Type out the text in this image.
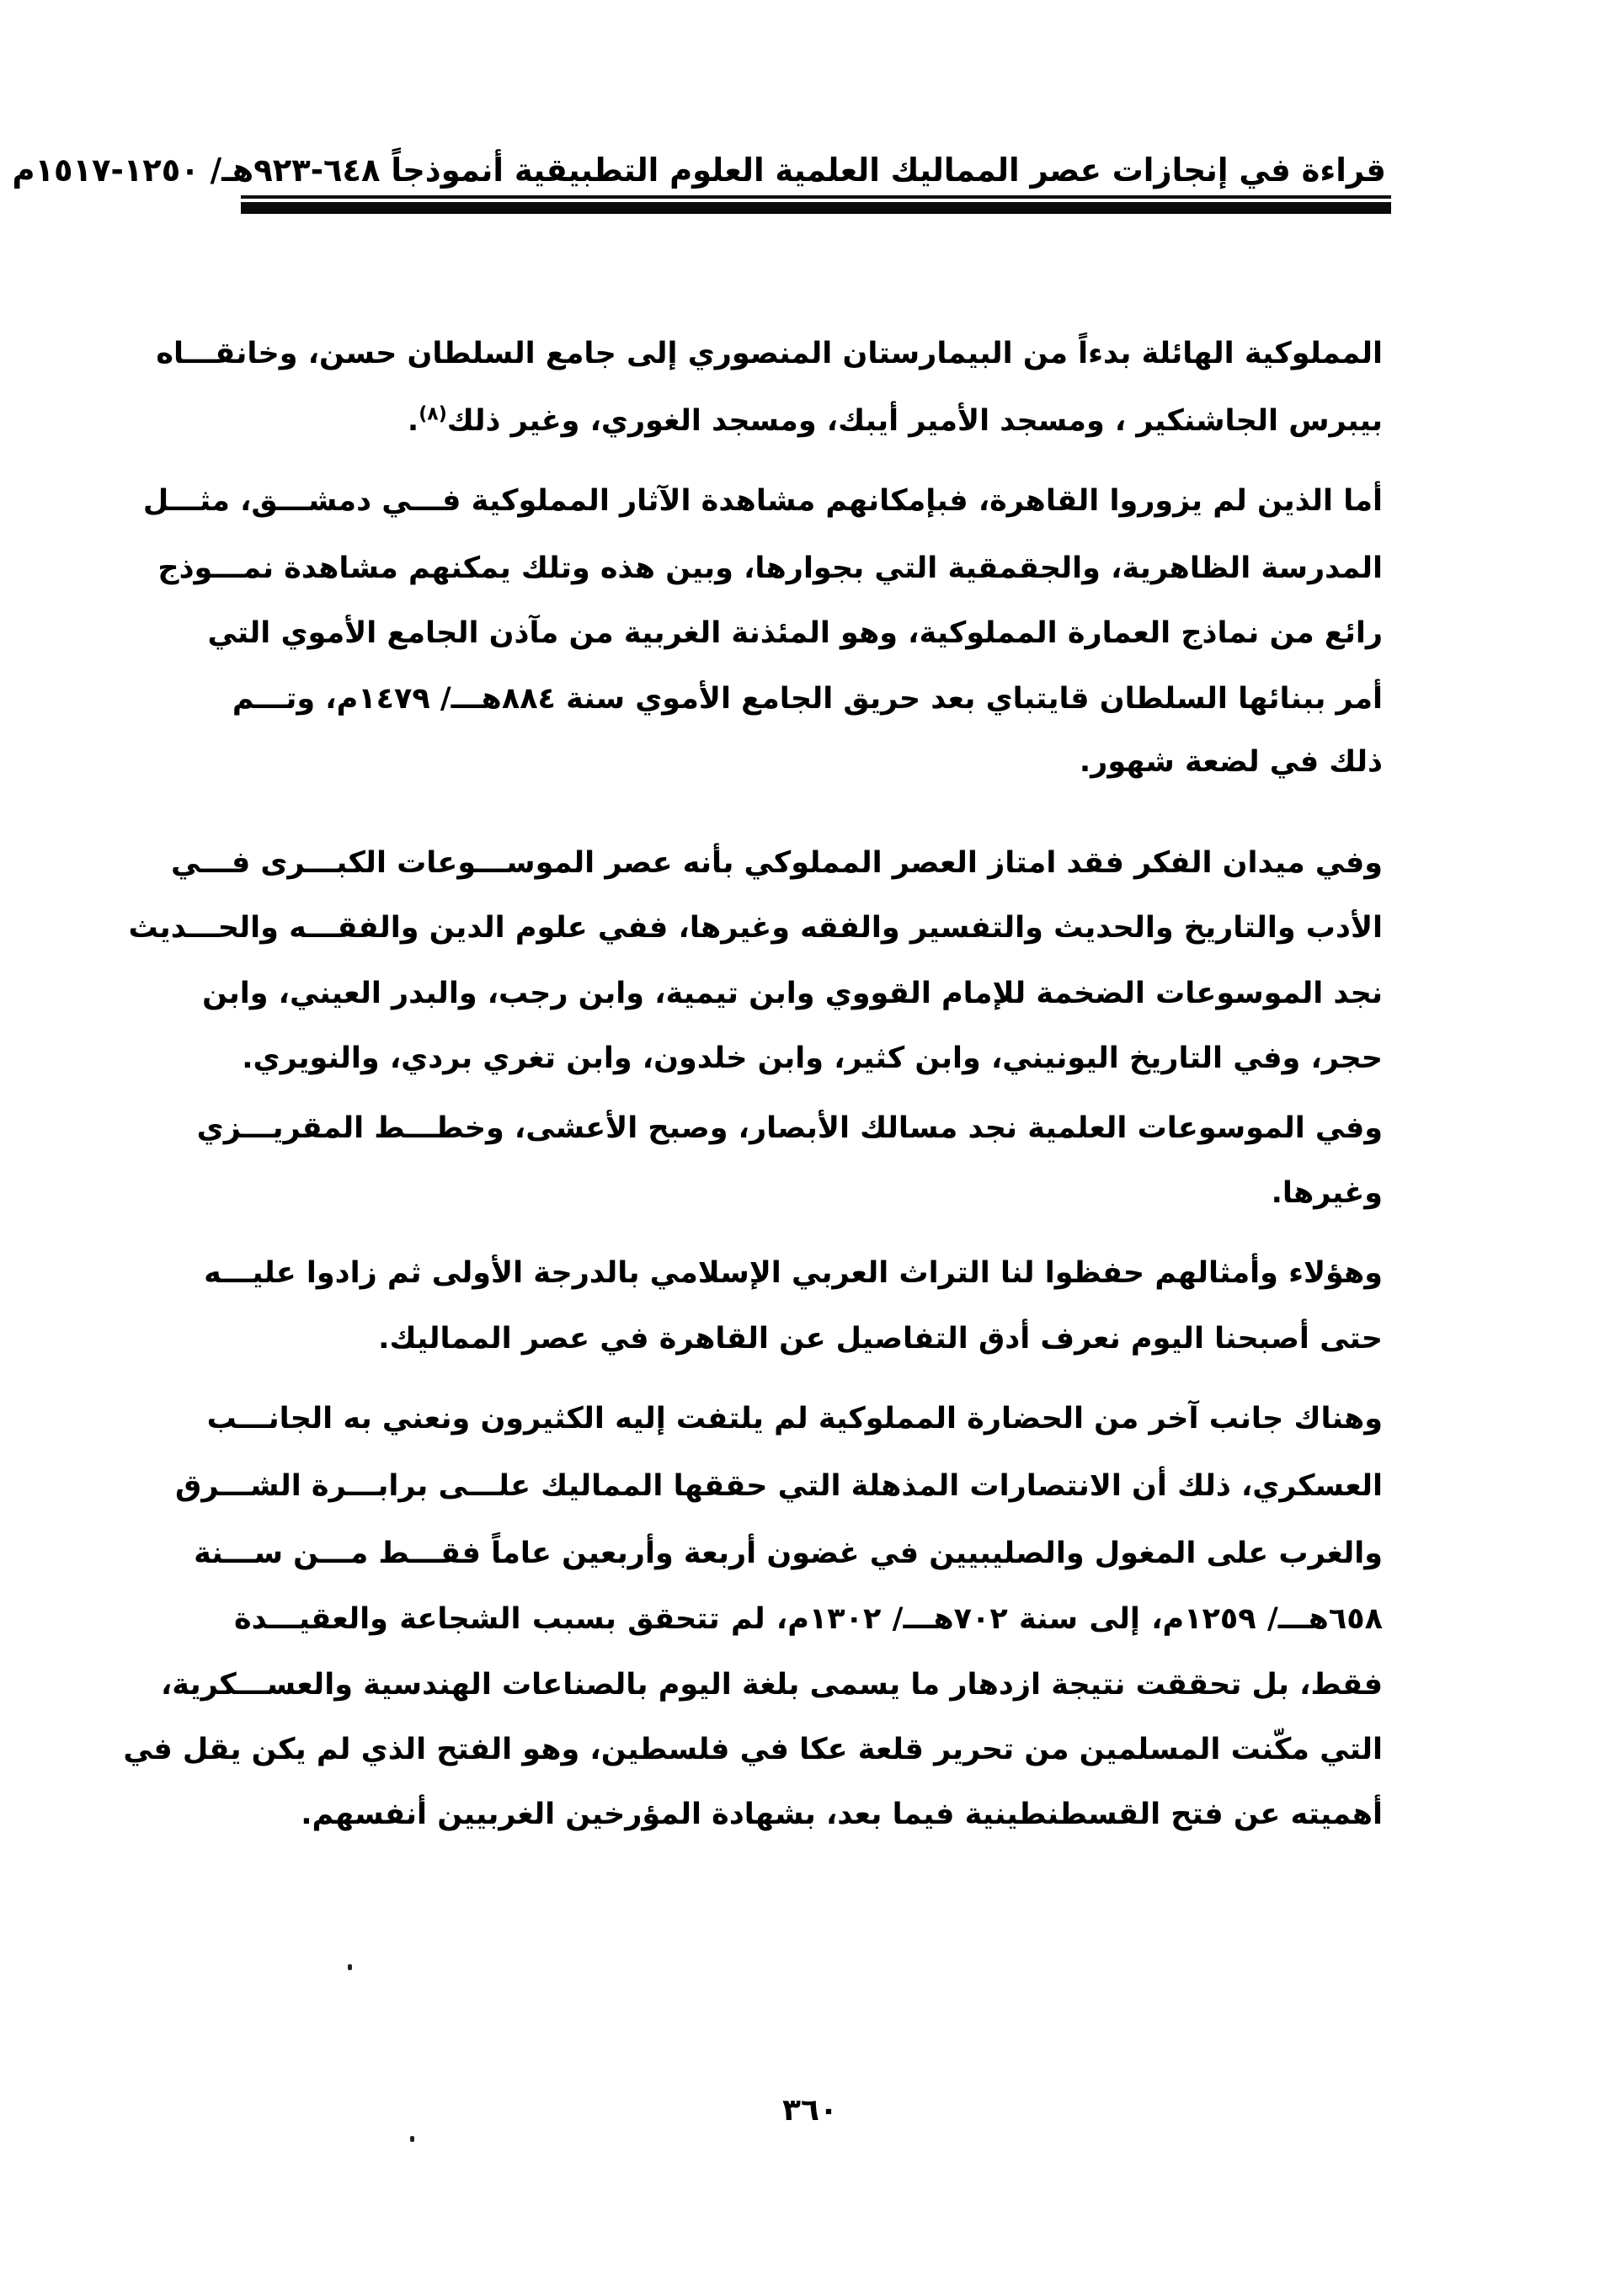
قراءة في إنجازات عصر المماليك العلمية العلوم التطبيقية أنموذجاً ٦٤٨-٩٢٣هـ/ ١٢٥٠-١٥١٧م
المملوكية الهائلة بدءاً من البيمارستان المنصوري إلى جامع السلطان حسن، وخانقـــاه
بيبرس الجاشنكير ، ومسجد الأمير أيبك، ومسجد الغوري، وغير ذلك$^{(٨)}$.
أما الذين لم يزوروا القاهرة، فبإمكانهم مشاهدة الآثار المملوكية فـــي دمشـــق، مثـــل
المدرسة الظاهرية، والجقمقية التي بجوارها، وبين هذه وتلك يمكنهم مشاهدة نمـــوذج
رائع من نماذج العمارة المملوكية، وهو المئذنة الغربية من مآذن الجامع الأموي التي
أمر ببنائها السلطان قايتباي بعد حريق الجامع الأموي سنة ٨٨٤هـــ/ ١٤٧٩م، وتـــم
ذلك في لضعة شهور.
وفي ميدان الفكر فقد امتاز العصر المملوكي بأنه عصر الموســـوعات الكبـــرى فـــي
الأدب والتاريخ والحديث والتفسير والفقه وغيرها، ففي علوم الدين والفقـــه والحـــديث
نجد الموسوعات الضخمة للإمام القووي وابن تيمية، وابن رجب، والبدر العيني، وابن
حجر، وفي التاريخ اليونيني، وابن كثير، وابن خلدون، وابن تغري بردي، والنويري.
وفي الموسوعات العلمية نجد مسالك الأبصار، وصبح الأعشى، وخطـــط المقريـــزي
وغيرها.
وهؤلاء وأمثالهم حفظوا لنا التراث العربي الإسلامي بالدرجة الأولى ثم زادوا عليـــه
حتى أصبحنا اليوم نعرف أدق التفاصيل عن القاهرة في عصر المماليك.
وهناك جانب آخر من الحضارة المملوكية لم يلتفت إليه الكثيرون ونعني به الجانـــب
العسكري، ذلك أن الانتصارات المذهلة التي حققها المماليك علـــى برابـــرة الشـــرق
والغرب على المغول والصليبيين في غضون أربعة وأربعين عاماً فقـــط مـــن ســـنة
٦٥٨هـــ/ ١٢٥٩م، إلى سنة ٧٠٢هـــ/ ١٣٠٢م، لم تتحقق بسبب الشجاعة والعقيـــدة
فقط، بل تحققت نتيجة ازدهار ما يسمى بلغة اليوم بالصناعات الهندسية والعســـكرية،
التي مكّنت المسلمين من تحرير قلعة عكا في فلسطين، وهو الفتح الذي لم يكن يقل في
أهميته عن فتح القسطنطينية فيما بعد، بشهادة المؤرخين الغربيين أنفسهم.
٣٦٠
